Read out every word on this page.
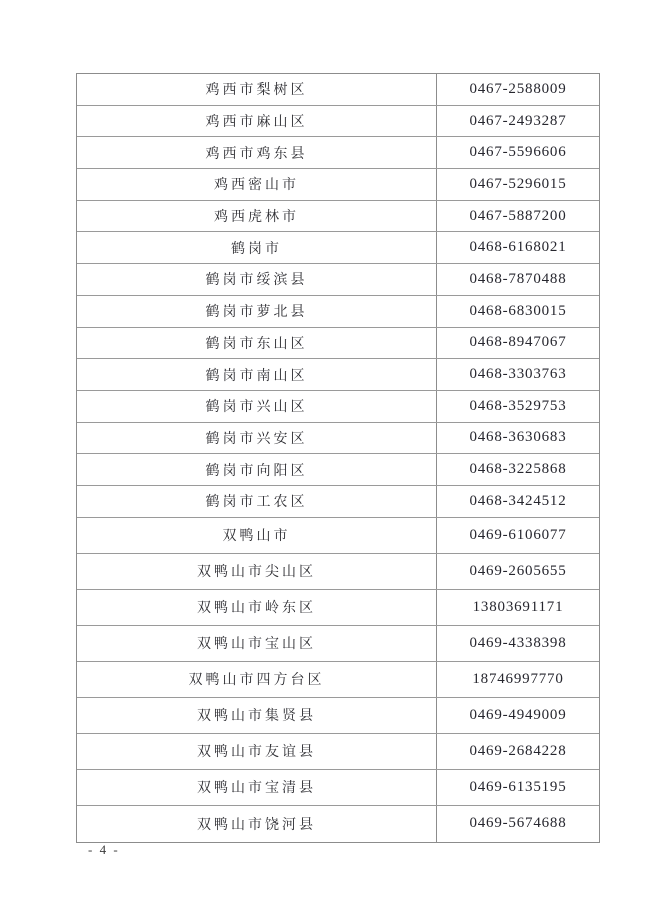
鸡西市梨树区	0467-2588009
鸡西市麻山区	0467-2493287
鸡西市鸡东县	0467-5596606
鸡西密山市	0467-5296015
鸡西虎林市	0467-5887200
鹤岗市	0468-6168021
鹤岗市绥滨县	0468-7870488
鹤岗市萝北县	0468-6830015
鹤岗市东山区	0468-8947067
鹤岗市南山区	0468-3303763
鹤岗市兴山区	0468-3529753
鹤岗市兴安区	0468-3630683
鹤岗市向阳区	0468-3225868
鹤岗市工农区	0468-3424512
双鸭山市	0469-6106077
双鸭山市尖山区	0469-2605655
双鸭山市岭东区	13803691171
双鸭山市宝山区	0469-4338398
双鸭山市四方台区	18746997770
双鸭山市集贤县	0469-4949009
双鸭山市友谊县	0469-2684228
双鸭山市宝清县	0469-6135195
双鸭山市饶河县	0469-5674688
- 4 -
